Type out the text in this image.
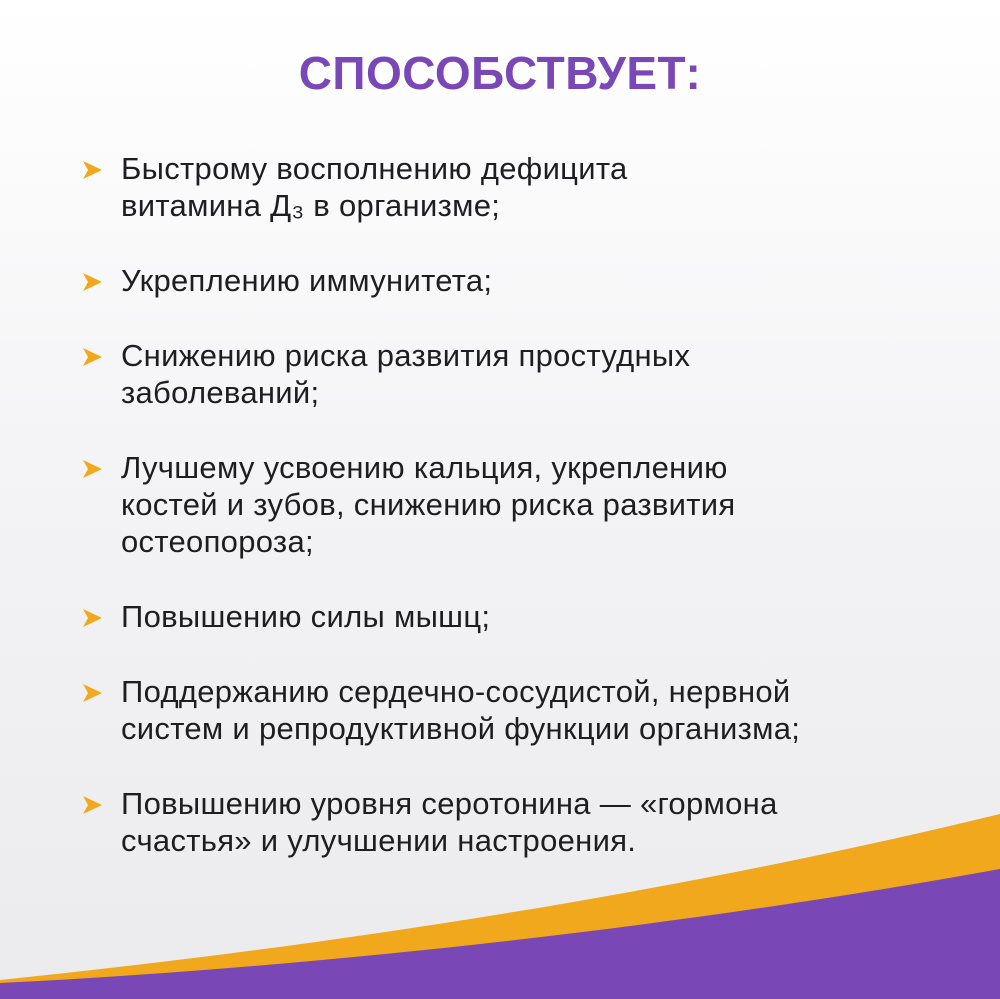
СПОСОБСТВУЕТ:
Быстрому восполнению дефицита
витамина Д₃ в организме;
Укреплению иммунитета;
Снижению риска развития простудных
заболеваний;
Лучшему усвоению кальция, укреплению
костей и зубов, снижению риска развития
остеопороза;
Повышению силы мышц;
Поддержанию сердечно-сосудистой, нервной
систем и репродуктивной функции организма;
Повышению уровня серотонина — «гормона
счастья» и улучшении настроения.
